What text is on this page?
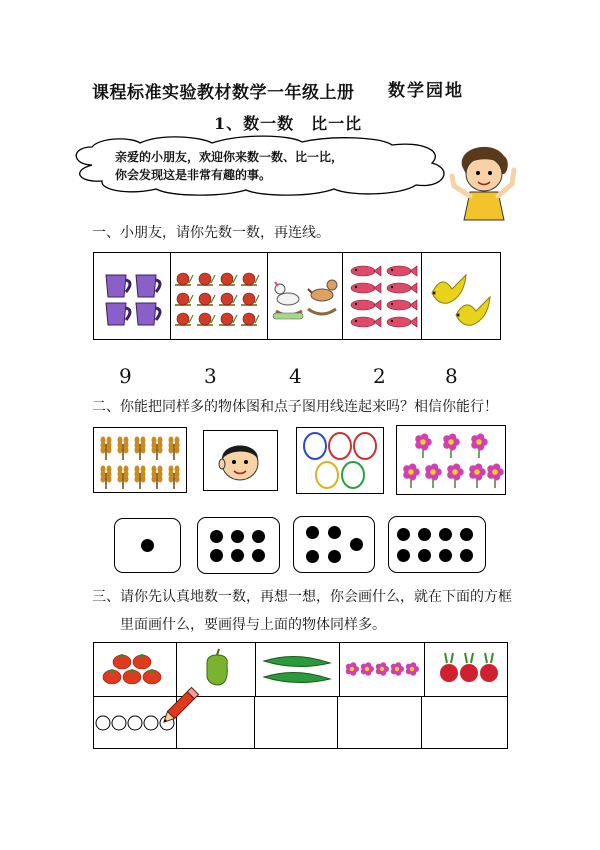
课程标准实验教材数学一年级上册 数学园地
1、数一数　比一比
亲爱的小朋友，欢迎你来数一数、比一比，
你会发现这是非常有趣的事。
一、小朋友，请你先数一数，再连线。
9	3	4	2	8
二、你能把同样多的物体图和点子图用线连起来吗？相信你能行！
三、请你先认真地数一数，再想一想，你会画什么，就在下面的方框
里面画什么，要画得与上面的物体同样多。
